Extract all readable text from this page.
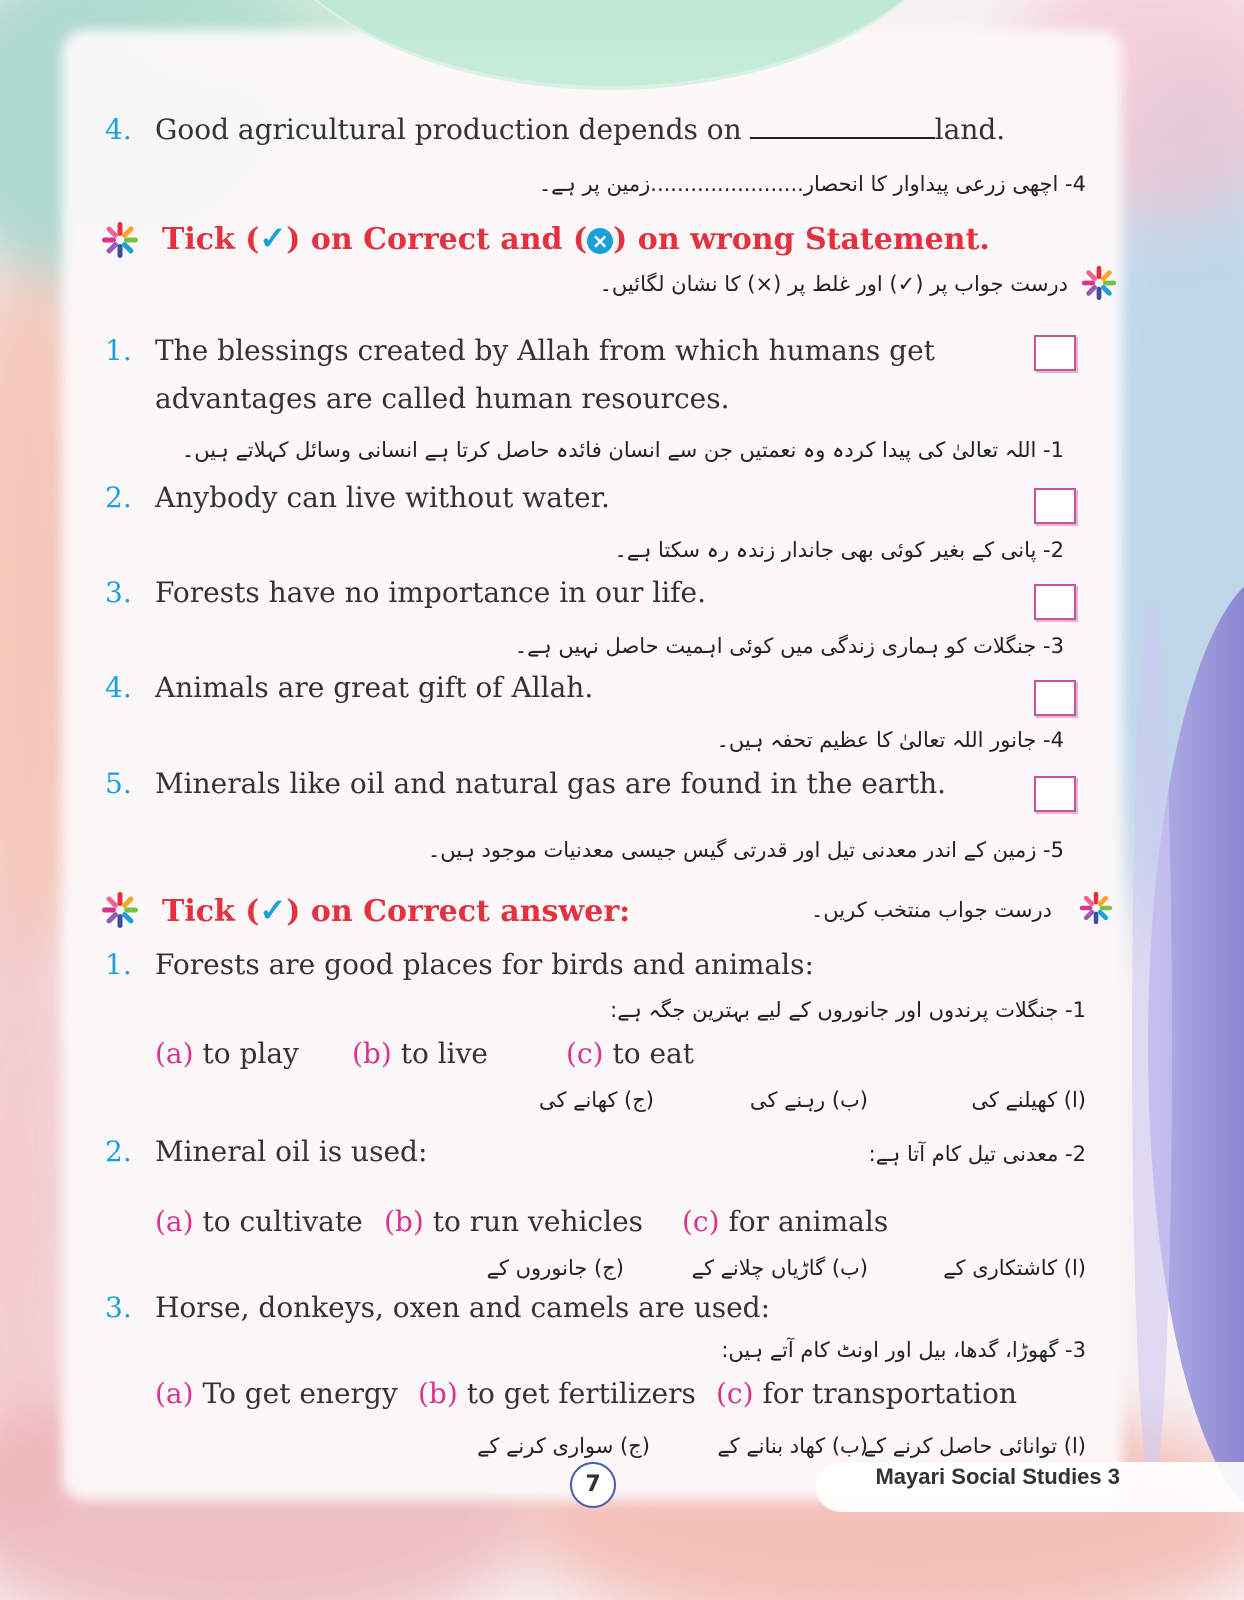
4. Good agricultural production depends on	land.
4- اچھی زرعی پیداوار کا انحصار.......................زمین پر ہے۔
Tick (✓) on Correct and ( × ) on wrong Statement.
درست جواب پر (✓) اور غلط پر (×) کا نشان لگائیں۔
1. The blessings created by Allah from which humans get
advantages are called human resources.
1- اللہ تعالیٰ کی پیدا کردہ وہ نعمتیں جن سے انسان فائدہ حاصل کرتا ہے انسانی وسائل کہلاتے ہیں۔
2. Anybody can live without water.
2- پانی کے بغیر کوئی بھی جاندار زندہ رہ سکتا ہے۔
3. Forests have no importance in our life.
3- جنگلات کو ہماری زندگی میں کوئی اہمیت حاصل نہیں ہے۔
4. Animals are great gift of Allah.
4- جانور اللہ تعالیٰ کا عظیم تحفہ ہیں۔
5. Minerals like oil and natural gas are found in the earth.
5- زمین کے اندر معدنی تیل اور قدرتی گیس جیسی معدنیات موجود ہیں۔
Tick (✓) on Correct answer:	درست جواب منتخب کریں۔
1. Forests are good places for birds and animals:
1- جنگلات پرندوں اور جانوروں کے لیے بہترین جگہ ہے:
(a) to play (b) to live	(c) to eat
(ا) کھیلنے کی
(ب) رہنے کی
(ج) کھانے کی
2. Mineral oil is used:	2- معدنی تیل کام آتا ہے:
(a) to cultivate (b) to run vehicles (c) for animals
(ا) کاشتکاری کے
(ب) گاڑیاں چلانے کے
(ج) جانوروں کے
3. Horse, donkeys, oxen and camels are used:
3- گھوڑا، گدھا، بیل اور اونٹ کام آتے ہیں:
(a) To get energy (b) to get fertilizers (c) for transportation
(ا) توانائی حاصل کرنے کے
(ب) کھاد بنانے کے
(ج) سواری کرنے کے
7	Mayari Social Studies 3
